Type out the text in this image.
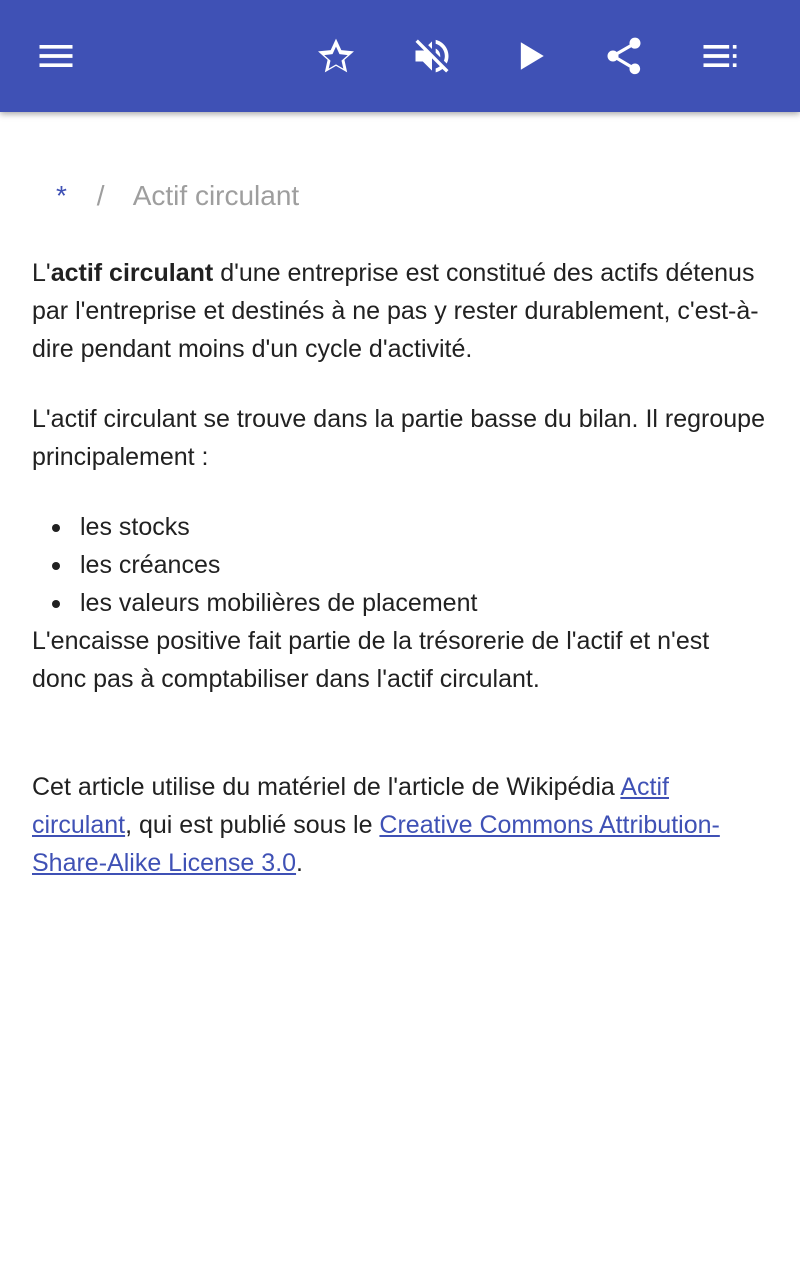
* / Actif circulant

L'actif circulant d'une entreprise est constitué des actifs détenus par l'entreprise et destinés à ne pas y rester durablement, c'est-à-dire pendant moins d'un cycle d'activité.

L'actif circulant se trouve dans la partie basse du bilan. Il regroupe principalement :

les stocks
les créances
les valeurs mobilières de placement

L'encaisse positive fait partie de la trésorerie de l'actif et n'est donc pas à comptabiliser dans l'actif circulant.

Cet article utilise du matériel de l'article de Wikipédia Actif circulant, qui est publié sous le Creative Commons Attribution-Share-Alike License 3.0.
